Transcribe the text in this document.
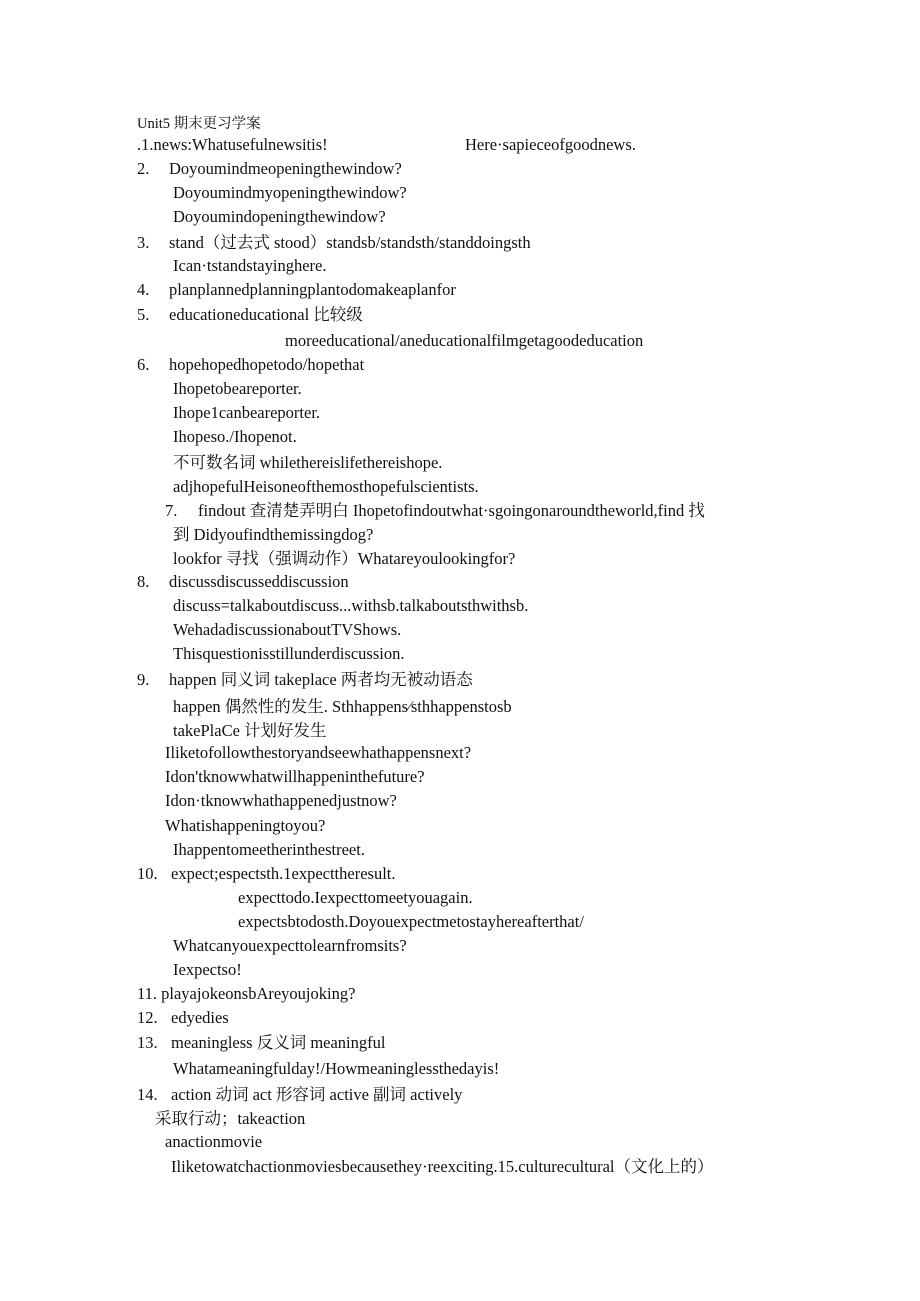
Unit5 期末更习学案
.1.news:Whatusefulnewsitis!	Here·sapieceofgoodnews.
2. Doyoumindmeopeningthewindow?
Doyoumindmyopeningthewindow?
Doyoumindopeningthewindow?
3. stand（过去式 stood）standsb/standsth/standdoingsth
Ican·tstandstayinghere.
4. planplannedplanningplantodomakeaplanfor
5. educationeducational 比较级
moreeducational/aneducationalfilmgetagoodeducation
6. hopehopedhopetodo/hopethat
Ihopetobeareporter.
Ihope1canbeareporter.
Ihopeso./Ihopenot.
不可数名词 whilethereislifethereishope.
adjhopefulHeisoneofthemosthopefulscientists.
7. findout 查清楚弄明白 Ihopetofindoutwhat·sgoingonaroundtheworld,find 找
到 Didyoufindthemissingdog?
lookfor 寻找（强调动作）Whatareyoulookingfor?
8. discussdiscusseddiscussion
discuss=talkaboutdiscuss...withsb.talkaboutsthwithsb.
WehadadiscussionaboutTVShows.
Thisquestionisstillunderdiscussion.
9. happen 同义词 takeplace 两者均无被动语态
happen 偶然性的发生. Sthhappens∕sthhappenstosb
takePlaCe 计划好发生
Iliketofollowthestoryandseewhathappensnext?
Idon'tknowwhatwillhappeninthefuture?
Idon·tknowwhathappenedjustnow?
Whatishappeningtoyou?
Ihappentomeetherinthestreet.
10. expect;espectsth.1expecttheresult.
expecttodo.Iexpecttomeetyouagain.
expectsbtodosth.Doyouexpectmetostayhereafterthat/
Whatcanyouexpecttolearnfromsits?
Iexpectso!
11. playajokeonsbAreyoujoking?
12. edyedies
13. meaningless 反义词 meaningful
Whatameaningfulday!/Howmeaninglessthedayis!
14. action 动词 act 形容词 active 副词 actively
采取行动；takeaction
anactionmovie
Iliketowatchactionmoviesbecausethey·reexciting.15.culturecultural（文化上的）
